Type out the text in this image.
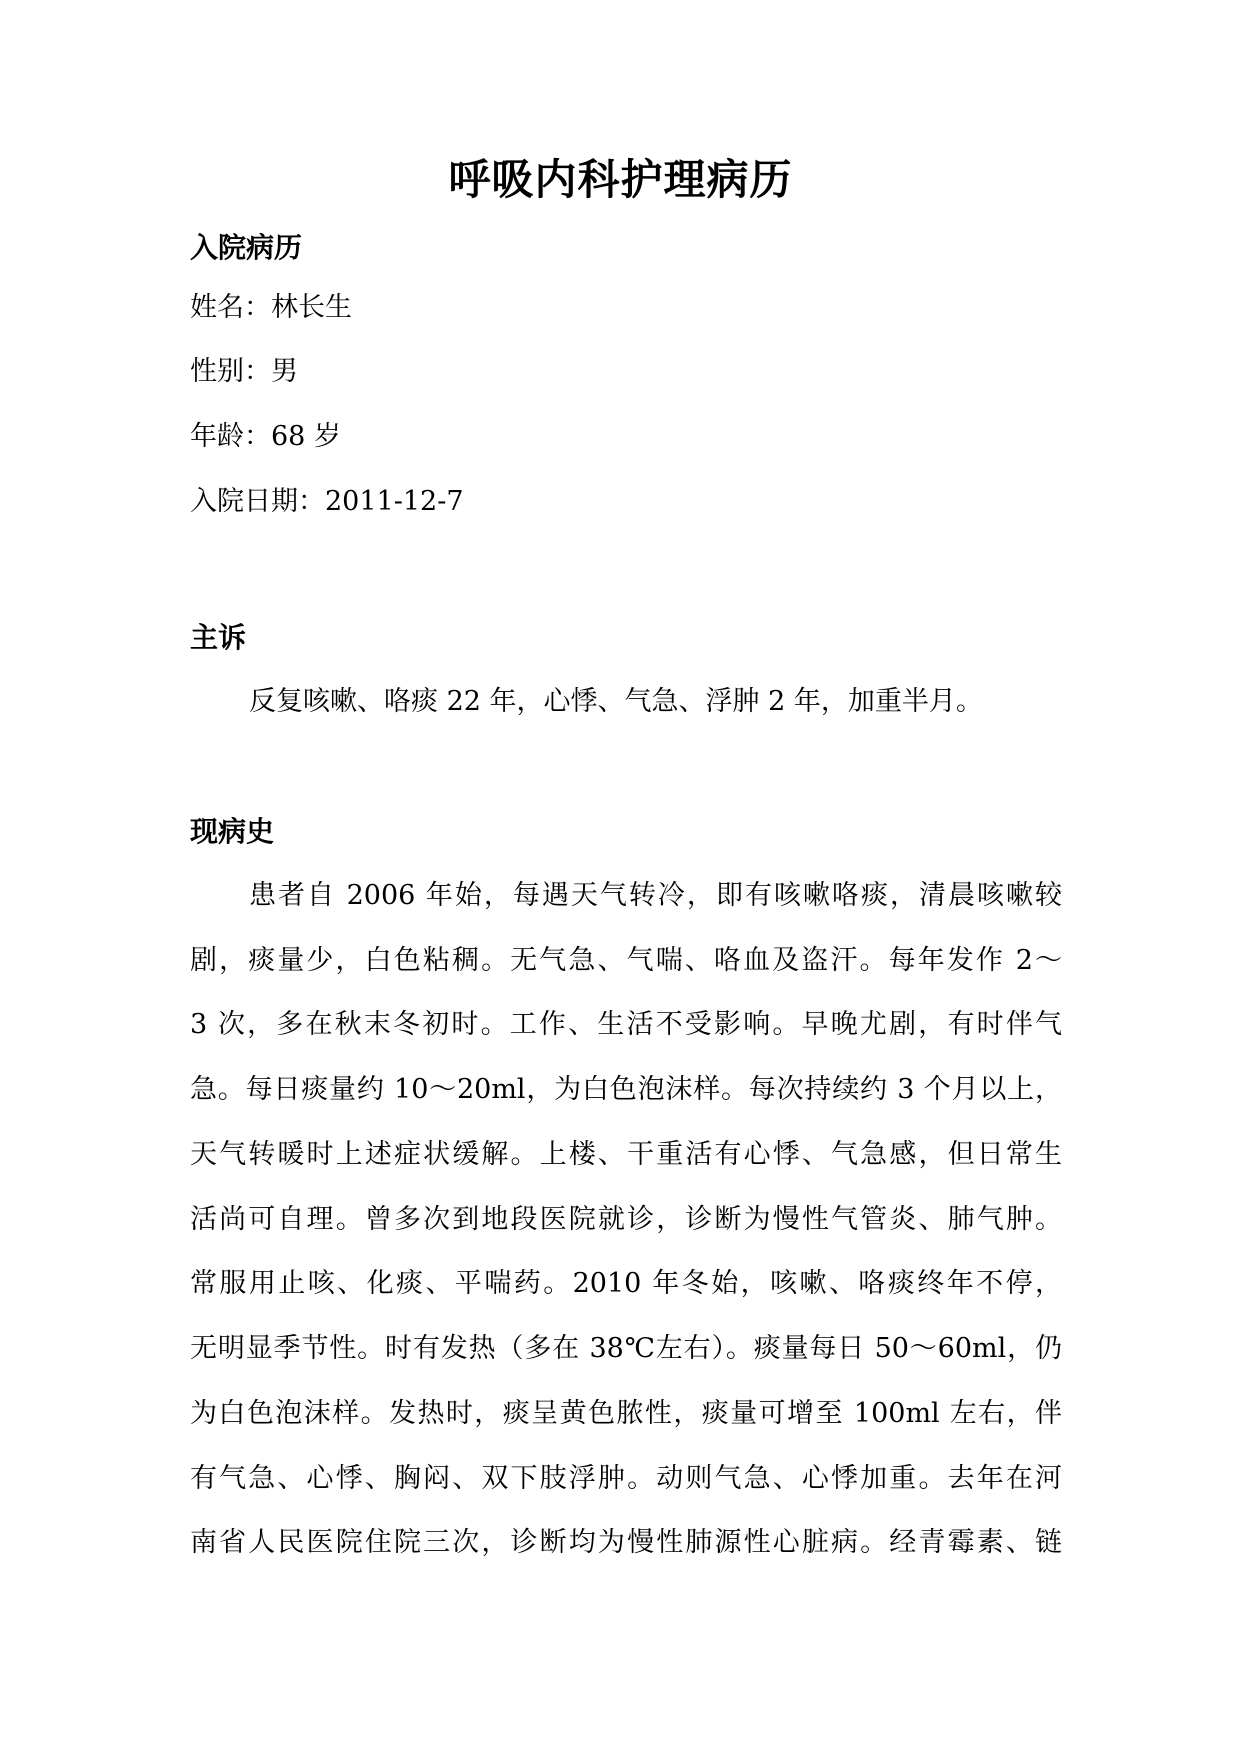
呼吸内科护理病历
入院病历
姓名：林长生
性别：男
年龄：68 岁
入院日期：2011-12-7
主诉
反复咳嗽、咯痰 22 年，心悸、气急、浮肿 2 年，加重半月。
现病史
患者自 2006 年始，每遇天气转冷，即有咳嗽咯痰，清晨咳嗽较
剧，痰量少，白色粘稠。无气急、气喘、咯血及盗汗。每年发作 2～
3 次，多在秋末冬初时。工作、生活不受影响。早晚尤剧，有时伴气
急。每日痰量约 10～20ml，为白色泡沫样。每次持续约 3 个月以上，
天气转暖时上述症状缓解。上楼、干重活有心悸、气急感，但日常生
活尚可自理。曾多次到地段医院就诊，诊断为慢性气管炎、肺气肿。
常服用止咳、化痰、平喘药。2010 年冬始，咳嗽、咯痰终年不停，
无明显季节性。时有发热（多在 38℃左右）。痰量每日 50～60ml，仍
为白色泡沫样。发热时，痰呈黄色脓性，痰量可增至 100ml 左右，伴
有气急、心悸、胸闷、双下肢浮肿。动则气急、心悸加重。去年在河
南省人民医院住院三次，诊断均为慢性肺源性心脏病。经青霉素、链
